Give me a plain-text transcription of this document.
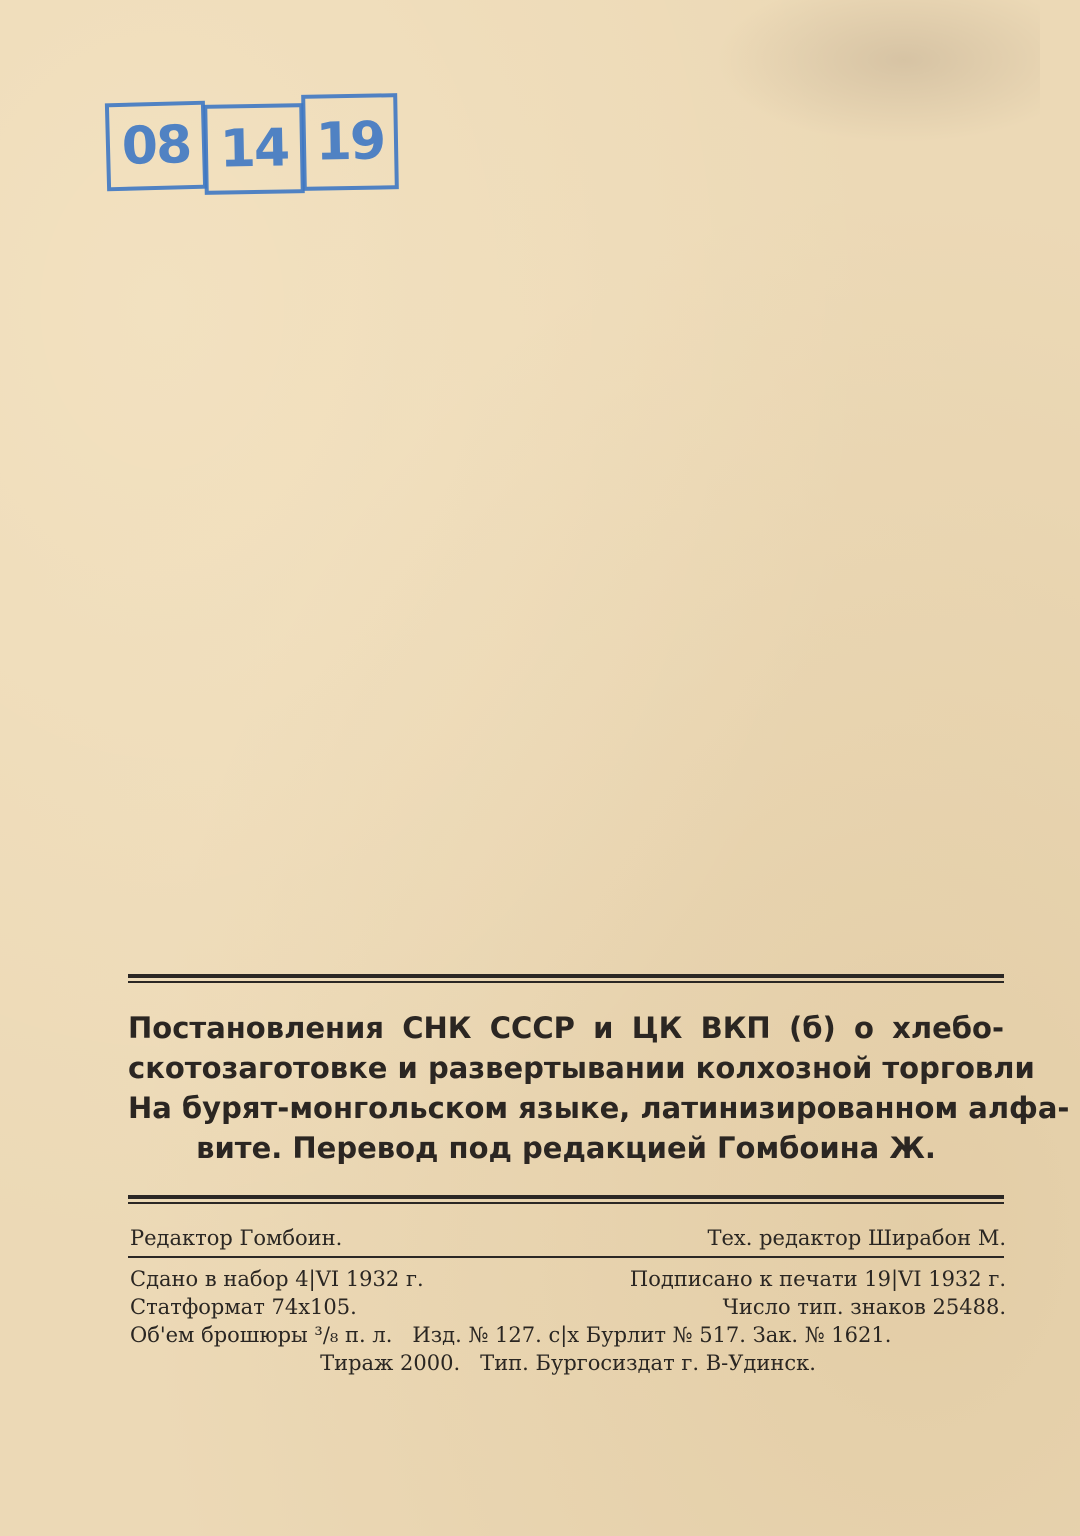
08 14 19
Постановления СНК СССР и ЦК ВКП (б) о хлебо-
скотозаготовке и развертывании колхозной торговли
На бурят-монгольском языке, латинизированном алфа-
вите. Перевод под редакцией Гомбоина Ж.
Редактор Гомбоин.	Тех. редактор Ширабон М.
Сдано в набор 4|VI 1932 г.	Подписано к печати 19|VI 1932 г.
Статформат 74x105.	Число тип. знаков 25488.
Об'ем брошюры ³/₈ п. л.   Изд. № 127. с|х Бурлит № 517. Зак. № 1621.
Тираж 2000.   Тип. Бургосиздат г. В-Удинск.
